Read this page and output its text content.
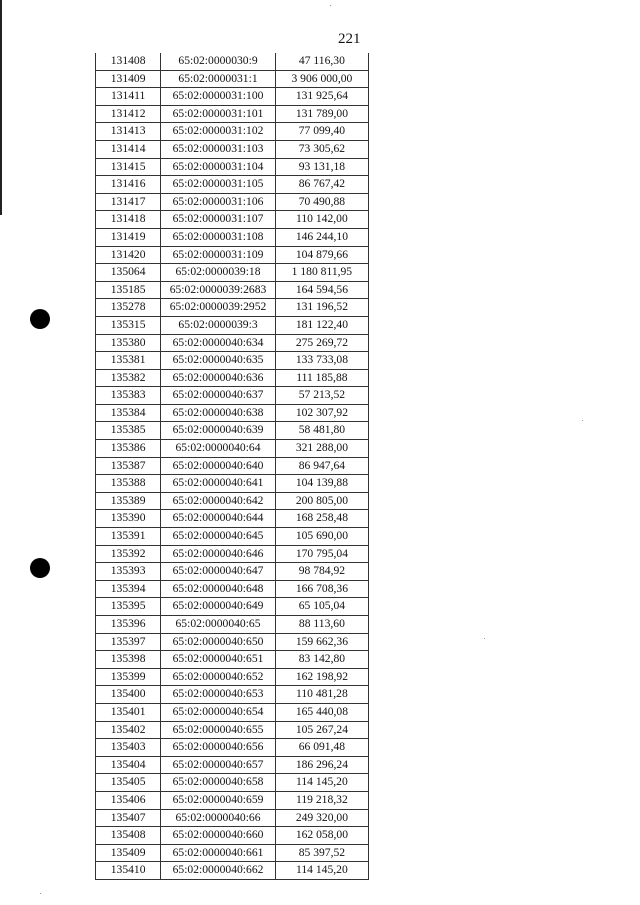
221
131408	65:02:0000030:9	47 116,30
131409	65:02:0000031:1	3 906 000,00
131411	65:02:0000031:100	131 925,64
131412	65:02:0000031:101	131 789,00
131413	65:02:0000031:102	77 099,40
131414	65:02:0000031:103	73 305,62
131415	65:02:0000031:104	93 131,18
131416	65:02:0000031:105	86 767,42
131417	65:02:0000031:106	70 490,88
131418	65:02:0000031:107	110 142,00
131419	65:02:0000031:108	146 244,10
131420	65:02:0000031:109	104 879,66
135064	65:02:0000039:18	1 180 811,95
135185	65:02:0000039:2683	164 594,56
135278	65:02:0000039:2952	131 196,52
135315	65:02:0000039:3	181 122,40
135380	65:02:0000040:634	275 269,72
135381	65:02:0000040:635	133 733,08
135382	65:02:0000040:636	111 185,88
135383	65:02:0000040:637	57 213,52
135384	65:02:0000040:638	102 307,92
135385	65:02:0000040:639	58 481,80
135386	65:02:0000040:64	321 288,00
135387	65:02:0000040:640	86 947,64
135388	65:02:0000040:641	104 139,88
135389	65:02:0000040:642	200 805,00
135390	65:02:0000040:644	168 258,48
135391	65:02:0000040:645	105 690,00
135392	65:02:0000040:646	170 795,04
135393	65:02:0000040:647	98 784,92
135394	65:02:0000040:648	166 708,36
135395	65:02:0000040:649	65 105,04
135396	65:02:0000040:65	88 113,60
135397	65:02:0000040:650	159 662,36
135398	65:02:0000040:651	83 142,80
135399	65:02:0000040:652	162 198,92
135400	65:02:0000040:653	110 481,28
135401	65:02:0000040:654	165 440,08
135402	65:02:0000040:655	105 267,24
135403	65:02:0000040:656	66 091,48
135404	65:02:0000040:657	186 296,24
135405	65:02:0000040:658	114 145,20
135406	65:02:0000040:659	119 218,32
135407	65:02:0000040:66	249 320,00
135408	65:02:0000040:660	162 058,00
135409	65:02:0000040:661	85 397,52
135410	65:02:0000040:662	114 145,20
